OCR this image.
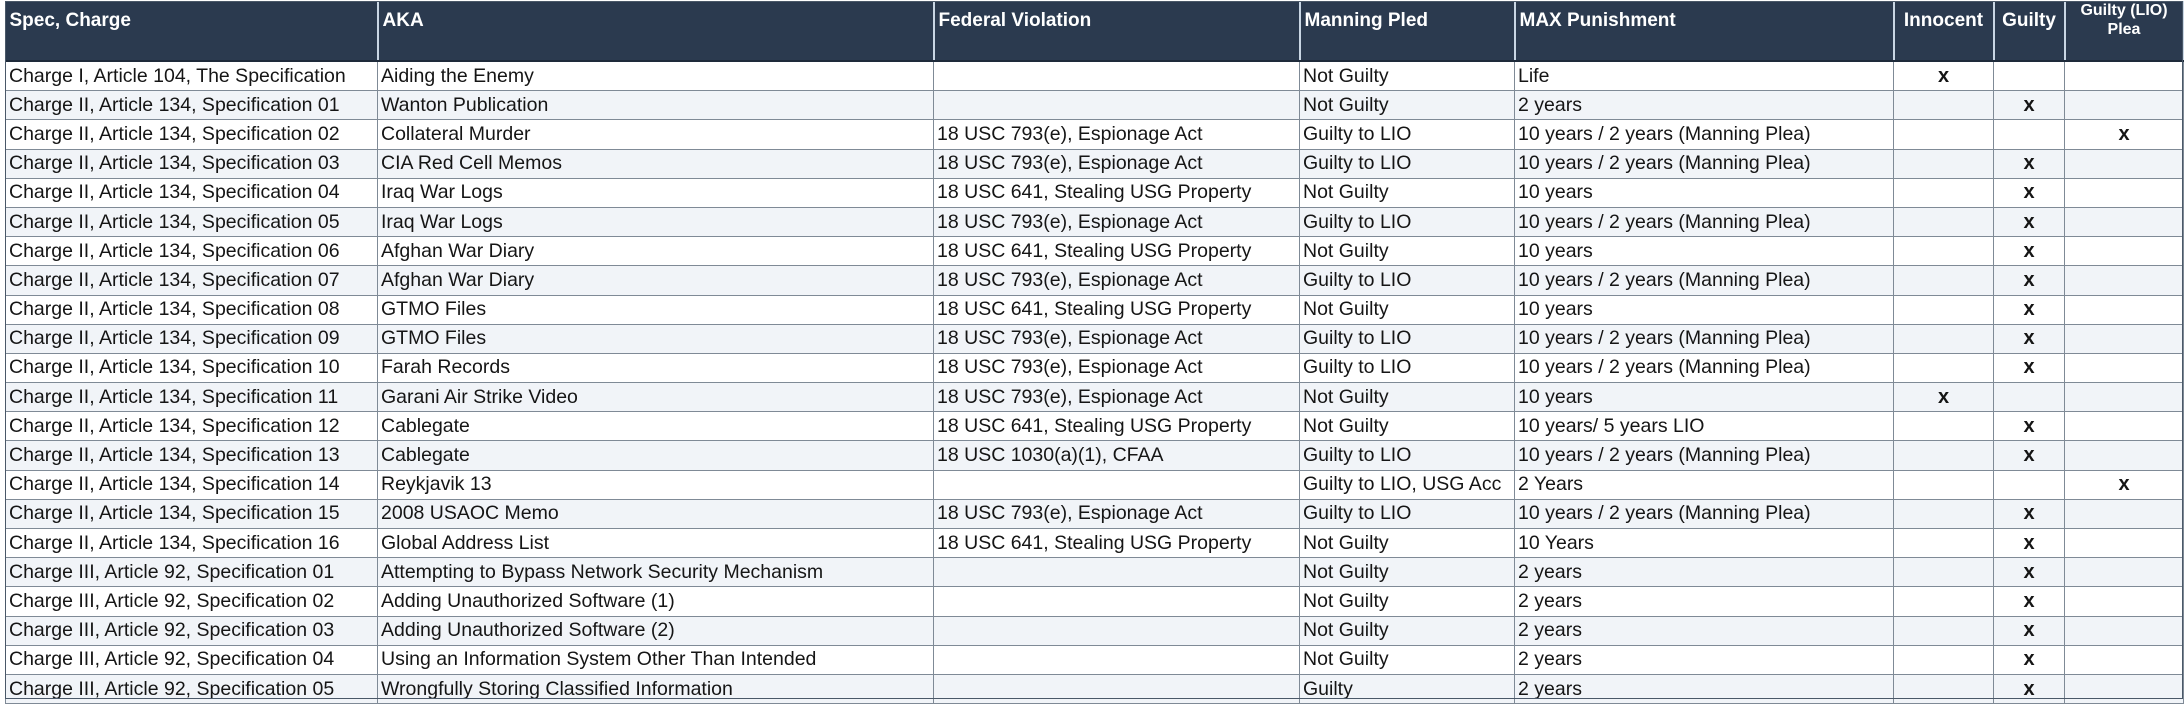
Spec, Charge	AKA	Federal Violation	Manning Pled	MAX Punishment	Innocent	Guilty	Guilty (LIO) Plea
Charge I, Article 104, The Specification	Aiding the Enemy		Not Guilty	Life	x		
Charge II, Article 134, Specification 01	Wanton Publication		Not Guilty	2 years		x	
Charge II, Article 134, Specification 02	Collateral Murder	18 USC 793(e), Espionage Act	Guilty to LIO	10 years / 2 years (Manning Plea)			x
Charge II, Article 134, Specification 03	CIA Red Cell Memos	18 USC 793(e), Espionage Act	Guilty to LIO	10 years / 2 years (Manning Plea)		x	
Charge II, Article 134, Specification 04	Iraq War Logs	18 USC 641, Stealing USG Property	Not Guilty	10 years		x	
Charge II, Article 134, Specification 05	Iraq War Logs	18 USC 793(e), Espionage Act	Guilty to LIO	10 years / 2 years (Manning Plea)		x	
Charge II, Article 134, Specification 06	Afghan War Diary	18 USC 641, Stealing USG Property	Not Guilty	10 years		x	
Charge II, Article 134, Specification 07	Afghan War Diary	18 USC 793(e), Espionage Act	Guilty to LIO	10 years / 2 years (Manning Plea)		x	
Charge II, Article 134, Specification 08	GTMO Files	18 USC 641, Stealing USG Property	Not Guilty	10 years		x	
Charge II, Article 134, Specification 09	GTMO Files	18 USC 793(e), Espionage Act	Guilty to LIO	10 years / 2 years (Manning Plea)		x	
Charge II, Article 134, Specification 10	Farah Records	18 USC 793(e), Espionage Act	Guilty to LIO	10 years / 2 years (Manning Plea)		x	
Charge II, Article 134, Specification 11	Garani Air Strike Video	18 USC 793(e), Espionage Act	Not Guilty	10 years	x		
Charge II, Article 134, Specification 12	Cablegate	18 USC 641, Stealing USG Property	Not Guilty	10 years/ 5 years LIO		x	
Charge II, Article 134, Specification 13	Cablegate	18 USC 1030(a)(1), CFAA	Guilty to LIO	10 years / 2 years (Manning Plea)		x	
Charge II, Article 134, Specification 14	Reykjavik 13		Guilty to LIO, USG Acc	2 Years			x
Charge II, Article 134, Specification 15	2008 USAOC Memo	18 USC 793(e), Espionage Act	Guilty to LIO	10 years / 2 years (Manning Plea)		x	
Charge II, Article 134, Specification 16	Global Address List	18 USC 641, Stealing USG Property	Not Guilty	10 Years		x	
Charge III, Article 92, Specification 01	Attempting to Bypass Network Security Mechanism		Not Guilty	2 years		x	
Charge III, Article 92, Specification 02	Adding Unauthorized Software (1)		Not Guilty	2 years		x	
Charge III, Article 92, Specification 03	Adding Unauthorized Software (2)		Not Guilty	2 years		x	
Charge III, Article 92, Specification 04	Using an Information System Other Than Intended		Not Guilty	2 years		x	
Charge III, Article 92, Specification 05	Wrongfully Storing Classified Information		Guilty	2 years		x	
